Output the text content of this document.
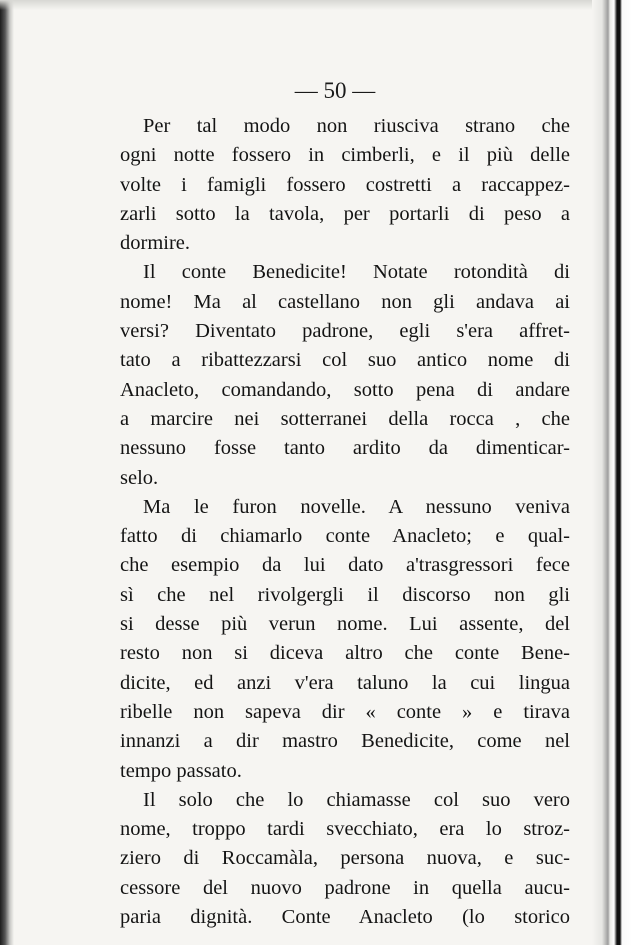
— 50 —
Per tal modo non riusciva strano che
ogni notte fossero in cimberli, e il più delle
volte i famigli fossero costretti a raccappez-
zarli sotto la tavola, per portarli di peso a
dormire.
Il conte Benedicite! Notate rotondità di
nome! Ma al castellano non gli andava ai
versi? Diventato padrone, egli s'era affret-
tato a ribattezzarsi col suo antico nome di
Anacleto, comandando, sotto pena di andare
a marcire nei sotterranei della rocca , che
nessuno fosse tanto ardito da dimenticar-
selo.
Ma le furon novelle. A nessuno veniva
fatto di chiamarlo conte Anacleto; e qual-
che esempio da lui dato a'trasgressori fece
sì che nel rivolgergli il discorso non gli
si desse più verun nome. Lui assente, del
resto non si diceva altro che conte Bene-
dicite, ed anzi v'era taluno la cui lingua
ribelle non sapeva dir « conte » e tirava
innanzi a dir mastro Benedicite, come nel
tempo passato.
Il solo che lo chiamasse col suo vero
nome, troppo tardi svecchiato, era lo stroz-
ziero di Roccamàla, persona nuova, e suc-
cessore del nuovo padrone in quella aucu-
paria dignità. Conte Anacleto (lo storico
